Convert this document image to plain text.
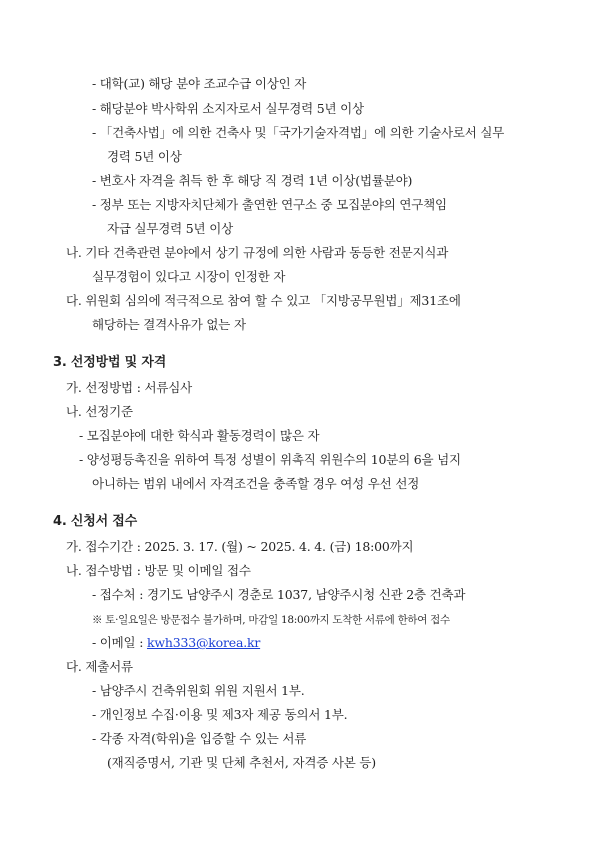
- 대학(교) 해당 분야 조교수급 이상인 자
- 해당분야 박사학위 소지자로서 실무경력 5년 이상
- 「건축사법」에 의한 건축사 및「국가기술자격법」에 의한 기술사로서 실무
경력 5년 이상
- 변호사 자격을 취득 한 후 해당 직 경력 1년 이상(법률분야)
- 정부 또는 지방자치단체가 출연한 연구소 중 모집분야의 연구책임
자급 실무경력 5년 이상
나. 기타 건축관련 분야에서 상기 규정에 의한 사람과 동등한 전문지식과
실무경험이 있다고 시장이 인정한 자
다. 위원회 심의에 적극적으로 참여 할 수 있고 「지방공무원법」제31조에
해당하는 결격사유가 없는 자
3. 선정방법 및 자격
가. 선정방법 : 서류심사
나. 선정기준
- 모집분야에 대한 학식과 활동경력이 많은 자
- 양성평등촉진을 위하여 특정 성별이 위촉직 위원수의 10분의 6을 넘지
아니하는 범위 내에서 자격조건을 충족할 경우 여성 우선 선정
4. 신청서 접수
가. 접수기간 : 2025. 3. 17. (월) ~ 2025. 4. 4. (금) 18:00까지
나. 접수방법 : 방문 및 이메일 접수
- 접수처 : 경기도 남양주시 경춘로 1037, 남양주시청 신관 2층 건축과
※ 토·일요일은 방문접수 불가하며, 마감일 18:00까지 도착한 서류에 한하여 접수
- 이메일 : kwh333@korea.kr
다. 제출서류
- 남양주시 건축위원회 위원 지원서 1부.
- 개인정보 수집·이용 및 제3자 제공 동의서 1부.
- 각종 자격(학위)을 입증할 수 있는 서류
(재직증명서, 기관 및 단체 추천서, 자격증 사본 등)
